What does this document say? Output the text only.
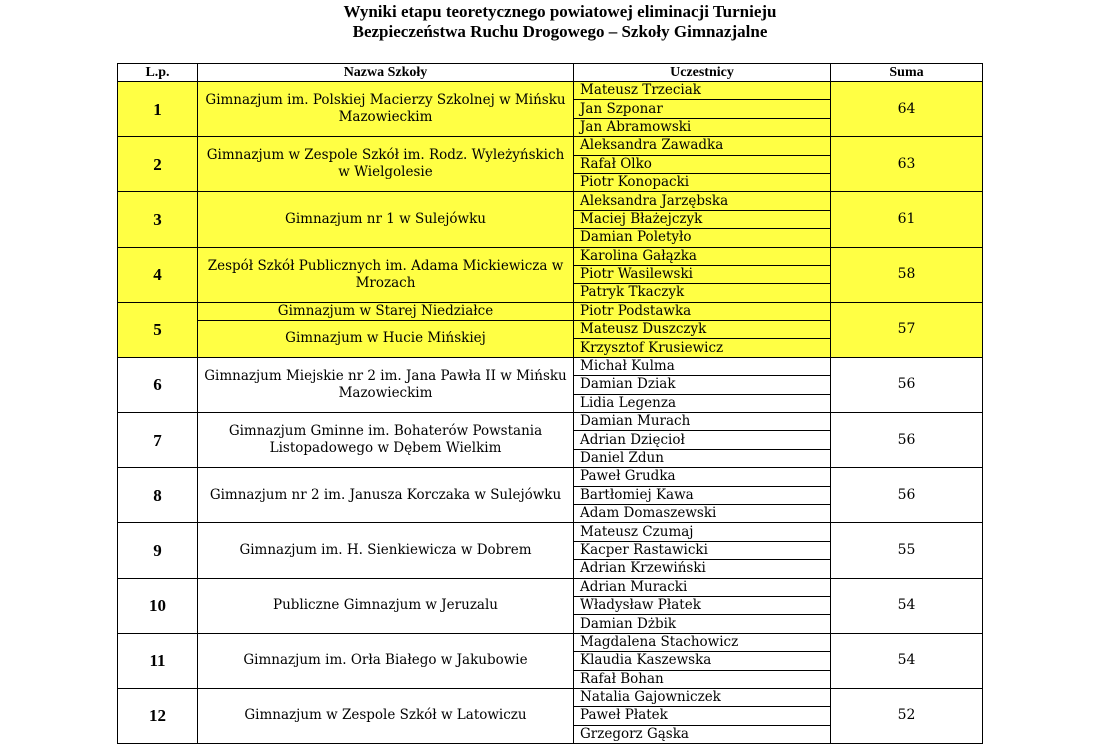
Wyniki etapu teoretycznego powiatowej eliminacji Turnieju
Bezpieczeństwa Ruchu Drogowego – Szkoły Gimnazjalne
L.p.	Nazwa Szkoły	Uczestnicy	Suma
1	Gimnazjum im. Polskiej Macierzy Szkolnej w Mińsku Mazowieckim	Mateusz Trzeciak	64
		Jan Szponar	
		Jan Abramowski	
2	Gimnazjum w Zespole Szkół im. Rodz. Wyleżyńskich w Wielgolesie	Aleksandra Zawadka	63
		Rafał Olko	
		Piotr Konopacki	
3	Gimnazjum nr 1 w Sulejówku	Aleksandra Jarzębska	61
		Maciej Błażejczyk	
		Damian Poletyło	
4	Zespół Szkół Publicznych im. Adama Mickiewicza w Mrozach	Karolina Gałązka	58
		Piotr Wasilewski	
		Patryk Tkaczyk	
5	Gimnazjum w Starej Niedziałce	Piotr Podstawka	57
	Gimnazjum w Hucie Mińskiej	Mateusz Duszczyk	
		Krzysztof Krusiewicz	
6	Gimnazjum Miejskie nr 2 im. Jana Pawła II w Mińsku Mazowieckim	Michał Kulma	56
		Damian Dziak	
		Lidia Legenza	
7	Gimnazjum Gminne im. Bohaterów Powstania Listopadowego w Dębem Wielkim	Damian Murach	56
		Adrian Dzięcioł	
		Daniel Zdun	
8	Gimnazjum nr 2 im. Janusza Korczaka w Sulejówku	Paweł Grudka	56
		Bartłomiej Kawa	
		Adam Domaszewski	
9	Gimnazjum im. H. Sienkiewicza w Dobrem	Mateusz Czumaj	55
		Kacper Rastawicki	
		Adrian Krzewiński	
10	Publiczne Gimnazjum w Jeruzalu	Adrian Muracki	54
		Władysław Płatek	
		Damian Dżbik	
11	Gimnazjum im. Orła Białego w Jakubowie	Magdalena Stachowicz	54
		Klaudia Kaszewska	
		Rafał Bohan	
12	Gimnazjum w Zespole Szkół w Latowiczu	Natalia Gajowniczek	52
		Paweł Płatek	
		Grzegorz Gąska	
